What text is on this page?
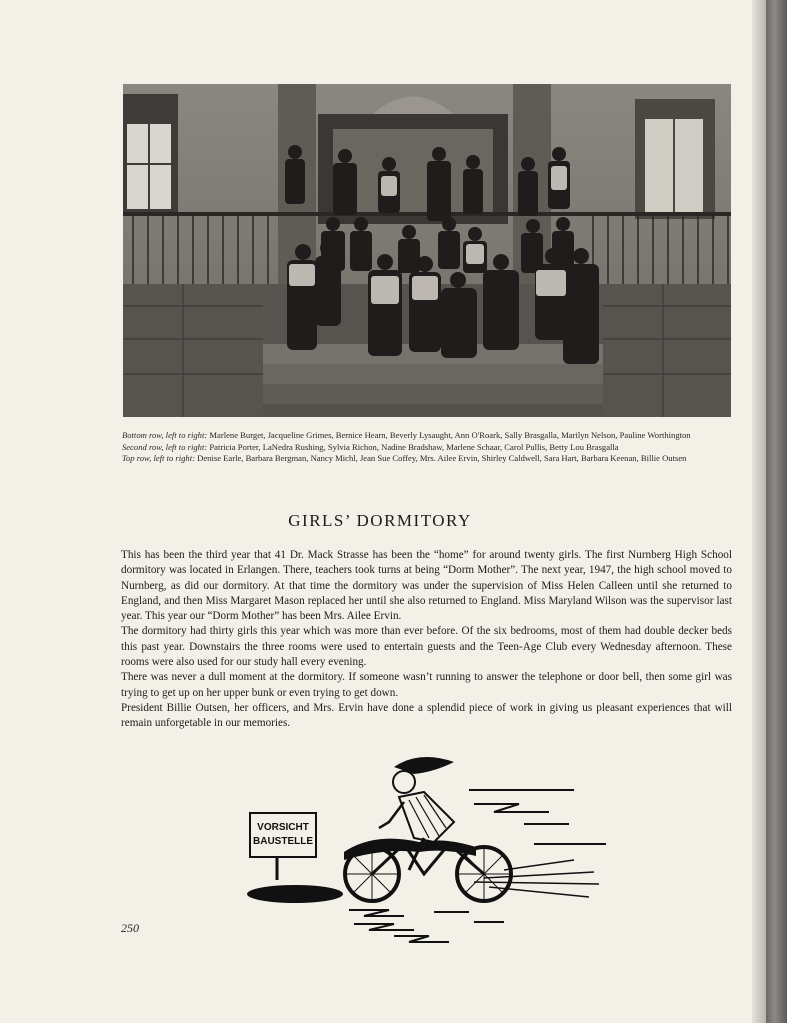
Bottom row, left to right: Marlene Burget, Jacqueline Grimes, Bernice Hearn, Beverly Lysaught, Ann O'Roark, Sally Brasgalla, Marilyn Nelson, Pauline Worthington
Second row, left to right: Patricia Porter, LaNedra Rushing, Sylvia Richon, Nadine Bradshaw, Marlene Schaar, Carol Pullis, Betty Lou Brasgalla
Top row, left to right: Denise Earle, Barbara Bergman, Nancy Michl, Jean Sue Coffey, Mrs. Ailee Ervin, Shirley Caldwell, Sara Hart, Barbara Keenan, Billie Outsen
GIRLS’ DORMITORY

This has been the third year that 41 Dr. Mack Strasse has been the “home” for around twenty girls. The first Nurnberg High School dormitory was located in Erlangen. There, teachers took turns at being “Dorm Mother”. The next year, 1947, the high school moved to Nurnberg, as did our dormitory. At that time the dormitory was under the supervision of Miss Helen Calleen until she returned to England, and then Miss Margaret Mason replaced her until she also returned to England. Miss Maryland Wilson was the supervisor last year. This year our “Dorm Mother” has been Mrs. Ailee Ervin.

The dormitory had thirty girls this year which was more than ever before. Of the six bedrooms, most of them had double decker beds this past year. Downstairs the three rooms were used to entertain guests and the Teen-Age Club every Wednesday afternoon. These rooms were also used for our study hall every evening.

There was never a dull moment at the dormitory. If someone wasn’t running to answer the telephone or door bell, then some girl was trying to get up on her upper bunk or even trying to get down.

President Billie Outsen, her officers, and Mrs. Ervin have done a splendid piece of work in giving us pleasant experiences that will remain unforgetable in our memories.

VORSICHT
BAUSTELLE
250
